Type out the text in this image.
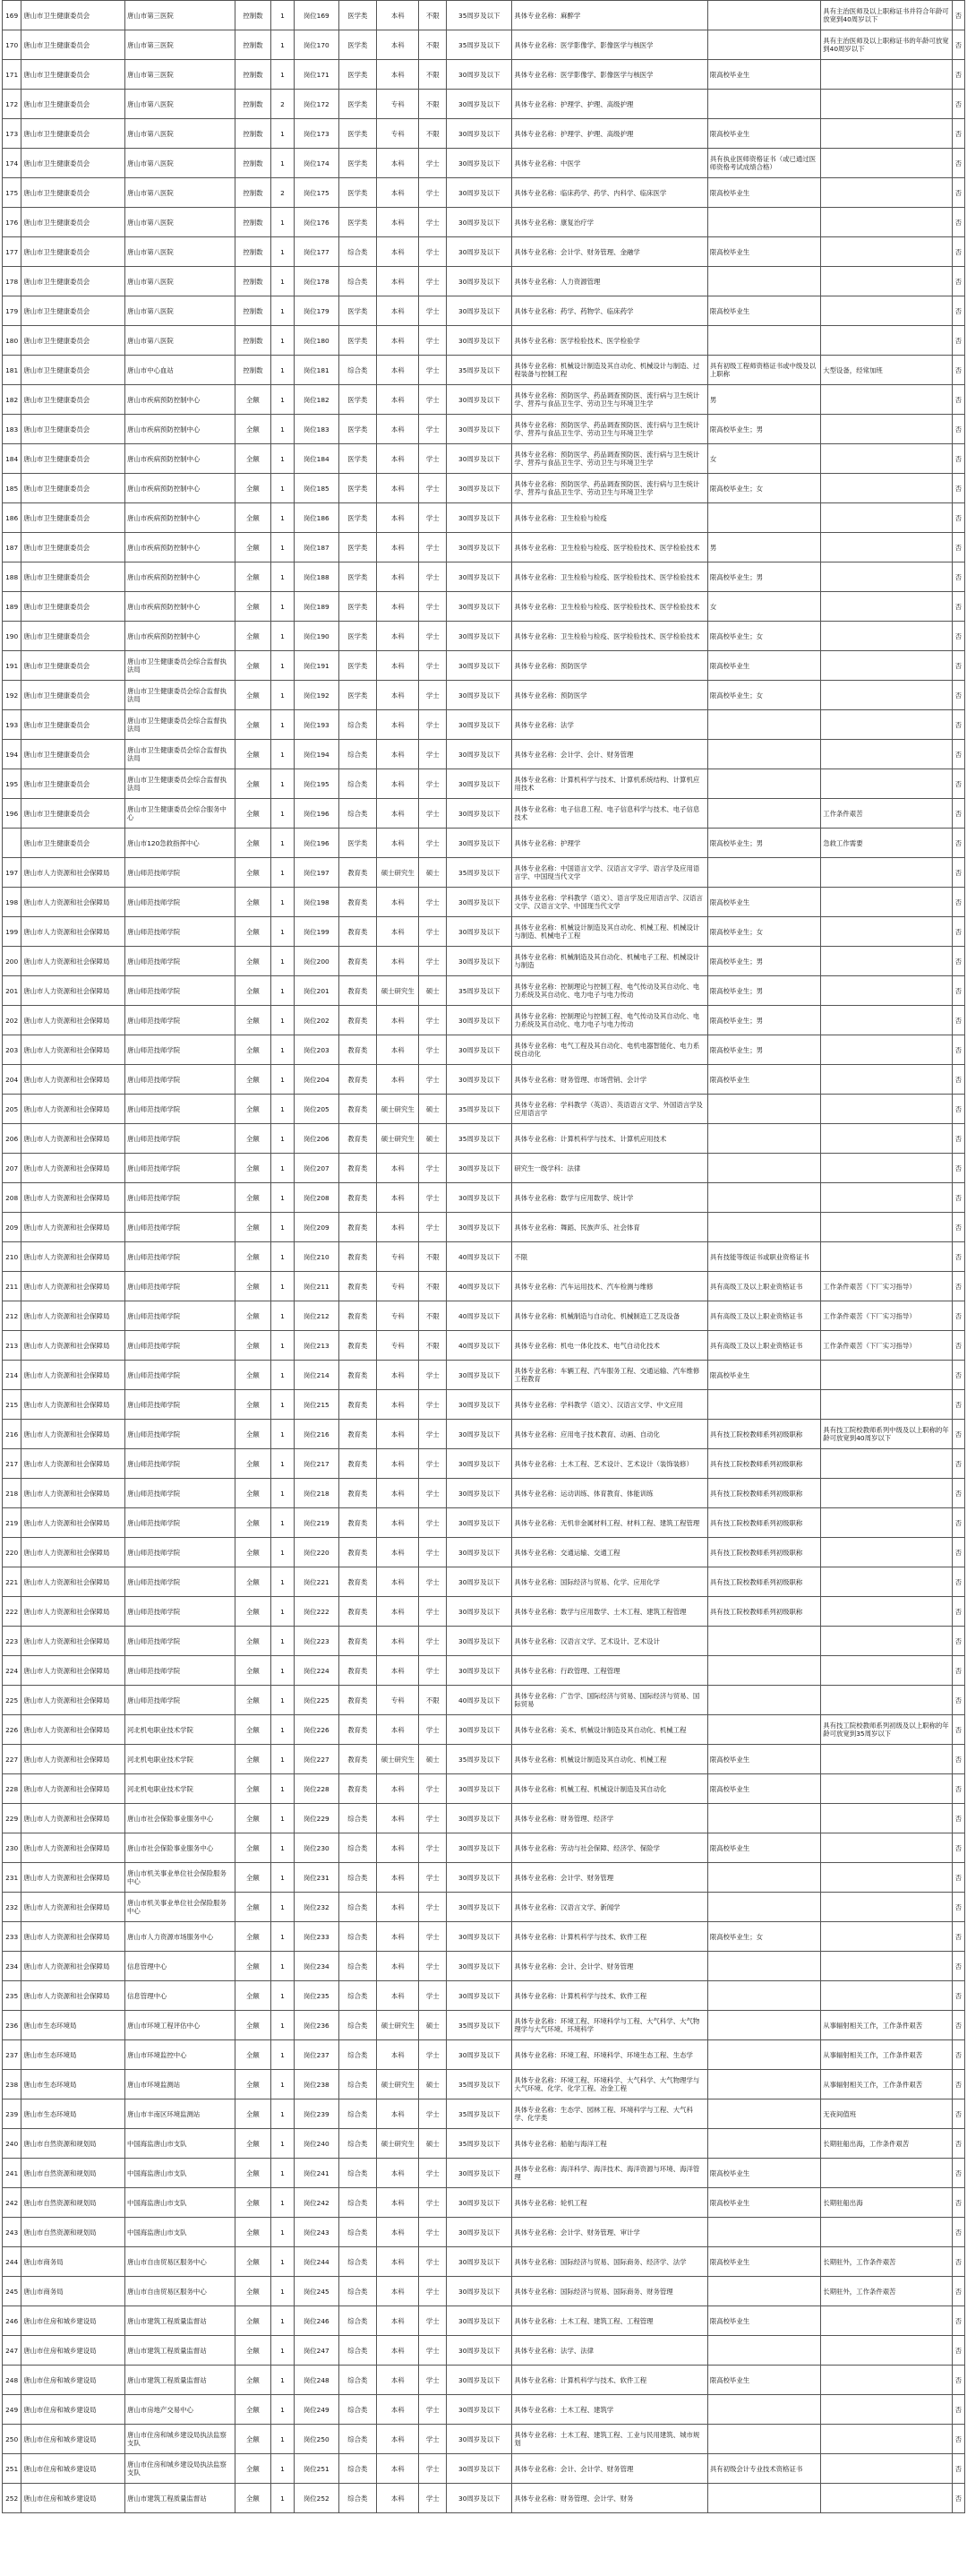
169	唐山市卫生健康委员会	唐山市第三医院	控制数	1	岗位169	医学类	本科	不限	35周岁及以下	具体专业名称：麻醉学		具有主治医师及以上职称证书并符合年龄可放宽到40周岁以下	否
170	唐山市卫生健康委员会	唐山市第三医院	控制数	1	岗位170	医学类	本科	不限	35周岁及以下	具体专业名称：医学影像学、影像医学与核医学		具有主治医师及以上职称证书的年龄可放宽到40周岁以下	否
171	唐山市卫生健康委员会	唐山市第三医院	控制数	1	岗位171	医学类	本科	不限	30周岁及以下	具体专业名称：医学影像学、影像医学与核医学	限高校毕业生		否
172	唐山市卫生健康委员会	唐山市第八医院	控制数	2	岗位172	医学类	专科	不限	30周岁及以下	具体专业名称：护理学、护理、高级护理			否
173	唐山市卫生健康委员会	唐山市第八医院	控制数	1	岗位173	医学类	专科	不限	30周岁及以下	具体专业名称：护理学、护理、高级护理	限高校毕业生		否
174	唐山市卫生健康委员会	唐山市第八医院	控制数	1	岗位174	医学类	本科	学士	30周岁及以下	具体专业名称：中医学	具有执业医师资格证书（或已通过医师资格考试成绩合格）		否
175	唐山市卫生健康委员会	唐山市第八医院	控制数	2	岗位175	医学类	本科	学士	30周岁及以下	具体专业名称：临床药学、药学、内科学、临床医学	限高校毕业生		否
176	唐山市卫生健康委员会	唐山市第八医院	控制数	1	岗位176	医学类	本科	学士	30周岁及以下	具体专业名称：康复治疗学			否
177	唐山市卫生健康委员会	唐山市第八医院	控制数	1	岗位177	综合类	本科	学士	30周岁及以下	具体专业名称：会计学、财务管理、金融学	限高校毕业生		否
178	唐山市卫生健康委员会	唐山市第八医院	控制数	1	岗位178	综合类	本科	学士	30周岁及以下	具体专业名称：人力资源管理			否
179	唐山市卫生健康委员会	唐山市第八医院	控制数	1	岗位179	医学类	本科	学士	30周岁及以下	具体专业名称：药学、药物学、临床药学	限高校毕业生		否
180	唐山市卫生健康委员会	唐山市第八医院	控制数	1	岗位180	医学类	本科	学士	30周岁及以下	具体专业名称：医学检验技术、医学检验学			否
181	唐山市卫生健康委员会	唐山市中心血站	控制数	1	岗位181	综合类	本科	学士	35周岁及以下	具体专业名称：机械设计制造及其自动化、机械设计与制造、过程装备与控制工程	具有初级工程师资格证书或中级及以上职称	大型设备，经常加班	否
182	唐山市卫生健康委员会	唐山市疾病预防控制中心	全额	1	岗位182	医学类	本科	学士	30周岁及以下	具体专业名称：预防医学、药品调查预防医、流行病与卫生统计学、营养与食品卫生学、劳动卫生与环境卫生学	男		否
183	唐山市卫生健康委员会	唐山市疾病预防控制中心	全额	1	岗位183	医学类	本科	学士	30周岁及以下	具体专业名称：预防医学、药品调查预防医、流行病与卫生统计学、营养与食品卫生学、劳动卫生与环境卫生学	限高校毕业生；男		否
184	唐山市卫生健康委员会	唐山市疾病预防控制中心	全额	1	岗位184	医学类	本科	学士	30周岁及以下	具体专业名称：预防医学、药品调查预防医、流行病与卫生统计学、营养与食品卫生学、劳动卫生与环境卫生学	女		否
185	唐山市卫生健康委员会	唐山市疾病预防控制中心	全额	1	岗位185	医学类	本科	学士	30周岁及以下	具体专业名称：预防医学、药品调查预防医、流行病与卫生统计学、营养与食品卫生学、劳动卫生与环境卫生学	限高校毕业生；女		否
186	唐山市卫生健康委员会	唐山市疾病预防控制中心	全额	1	岗位186	医学类	本科	学士	30周岁及以下	具体专业名称：卫生检验与检疫			否
187	唐山市卫生健康委员会	唐山市疾病预防控制中心	全额	1	岗位187	医学类	本科	学士	30周岁及以下	具体专业名称：卫生检验与检疫、医学检验技术、医学检验技术	男		否
188	唐山市卫生健康委员会	唐山市疾病预防控制中心	全额	1	岗位188	医学类	本科	学士	30周岁及以下	具体专业名称：卫生检验与检疫、医学检验技术、医学检验技术	限高校毕业生；男		否
189	唐山市卫生健康委员会	唐山市疾病预防控制中心	全额	1	岗位189	医学类	本科	学士	30周岁及以下	具体专业名称：卫生检验与检疫、医学检验技术、医学检验技术	女		否
190	唐山市卫生健康委员会	唐山市疾病预防控制中心	全额	1	岗位190	医学类	本科	学士	30周岁及以下	具体专业名称：卫生检验与检疫、医学检验技术、医学检验技术	限高校毕业生；女		否
191	唐山市卫生健康委员会	唐山市卫生健康委员会综合监督执法局	全额	1	岗位191	医学类	本科	学士	30周岁及以下	具体专业名称：预防医学	限高校毕业生		否
192	唐山市卫生健康委员会	唐山市卫生健康委员会综合监督执法局	全额	1	岗位192	医学类	本科	学士	30周岁及以下	具体专业名称：预防医学	限高校毕业生；女		否
193	唐山市卫生健康委员会	唐山市卫生健康委员会综合监督执法局	全额	1	岗位193	综合类	本科	学士	30周岁及以下	具体专业名称：法学			否
194	唐山市卫生健康委员会	唐山市卫生健康委员会综合监督执法局	全额	1	岗位194	综合类	本科	学士	30周岁及以下	具体专业名称：会计学、会计、财务管理			否
195	唐山市卫生健康委员会	唐山市卫生健康委员会综合监督执法局	全额	1	岗位195	综合类	本科	学士	30周岁及以下	具体专业名称：计算机科学与技术、计算机系统结构、计算机应用技术			否
196	唐山市卫生健康委员会	唐山市卫生健康委员会综合服务中心	全额	1	岗位196	综合类	本科	学士	30周岁及以下	具体专业名称：电子信息工程、电子信息科学与技术、电子信息技术		工作条件艰苦	否
	唐山市卫生健康委员会	唐山市120急救指挥中心	全额	1	岗位196	医学类	本科	学士	30周岁及以下	具体专业名称：护理学	限高校毕业生；男	急救工作需要	否
197	唐山市人力资源和社会保障局	唐山师范技师学院	全额	1	岗位197	教育类	硕士研究生	硕士	35周岁及以下	具体专业名称：中国语言文学、汉语言文字学、语言学及应用语言学、中国现当代文学			否
198	唐山市人力资源和社会保障局	唐山师范技师学院	全额	1	岗位198	教育类	本科	学士	30周岁及以下	具体专业名称：学科教学（语文）、语言学及应用语言学、汉语言文学、汉语言文学、中国现当代文学	限高校毕业生		否
199	唐山市人力资源和社会保障局	唐山师范技师学院	全额	1	岗位199	教育类	本科	学士	30周岁及以下	具体专业名称：机械设计制造及其自动化、机械工程、机械设计与制造、机械电子工程	限高校毕业生；女		否
200	唐山市人力资源和社会保障局	唐山师范技师学院	全额	1	岗位200	教育类	本科	学士	30周岁及以下	具体专业名称：机械制造及其自动化、机械电子工程、机械设计与制造	限高校毕业生；男		否
201	唐山市人力资源和社会保障局	唐山师范技师学院	全额	1	岗位201	教育类	硕士研究生	硕士	35周岁及以下	具体专业名称：控制理论与控制工程、电气传动及其自动化、电力系统及其自动化、电力电子与电力传动	限高校毕业生；男		否
202	唐山市人力资源和社会保障局	唐山师范技师学院	全额	1	岗位202	教育类	本科	学士	30周岁及以下	具体专业名称：控制理论与控制工程、电气传动及其自动化、电力系统及其自动化、电力电子与电力传动	限高校毕业生；男		否
203	唐山市人力资源和社会保障局	唐山师范技师学院	全额	1	岗位203	教育类	本科	学士	30周岁及以下	具体专业名称：电气工程及其自动化、电机电器智能化、电力系统自动化	限高校毕业生；男		否
204	唐山市人力资源和社会保障局	唐山师范技师学院	全额	1	岗位204	教育类	本科	学士	30周岁及以下	具体专业名称：财务管理、市场营销、会计学	限高校毕业生		否
205	唐山市人力资源和社会保障局	唐山师范技师学院	全额	1	岗位205	教育类	硕士研究生	硕士	35周岁及以下	具体专业名称：学科教学（英语）、英语语言文学、外国语言学及应用语言学			否
206	唐山市人力资源和社会保障局	唐山师范技师学院	全额	1	岗位206	教育类	硕士研究生	硕士	35周岁及以下	具体专业名称：计算机科学与技术、计算机应用技术			否
207	唐山市人力资源和社会保障局	唐山师范技师学院	全额	1	岗位207	教育类	本科	学士	30周岁及以下	研究生一级学科：法律			否
208	唐山市人力资源和社会保障局	唐山师范技师学院	全额	1	岗位208	教育类	本科	学士	30周岁及以下	具体专业名称：数学与应用数学、统计学			否
209	唐山市人力资源和社会保障局	唐山师范技师学院	全额	1	岗位209	教育类	本科	学士	30周岁及以下	具体专业名称：舞蹈、民族声乐、社会体育			否
210	唐山市人力资源和社会保障局	唐山师范技师学院	全额	1	岗位210	教育类	专科	不限	40周岁及以下	不限	具有技能等级证书或职业资格证书		否
211	唐山市人力资源和社会保障局	唐山师范技师学院	全额	1	岗位211	教育类	专科	不限	40周岁及以下	具体专业名称：汽车运用技术、汽车检测与维修	具有高级工及以上职业资格证书	工作条件艰苦（下厂实习指导）	否
212	唐山市人力资源和社会保障局	唐山师范技师学院	全额	1	岗位212	教育类	专科	不限	40周岁及以下	具体专业名称：机械制造与自动化、机械制造工艺及设备	具有高级工及以上职业资格证书	工作条件艰苦（下厂实习指导）	否
213	唐山市人力资源和社会保障局	唐山师范技师学院	全额	1	岗位213	教育类	专科	不限	40周岁及以下	具体专业名称：机电一体化技术、电气自动化技术	具有高级工及以上职业资格证书	工作条件艰苦（下厂实习指导）	否
214	唐山市人力资源和社会保障局	唐山师范技师学院	全额	1	岗位214	教育类	本科	学士	30周岁及以下	具体专业名称：车辆工程、汽车服务工程、交通运输、汽车维修工程教育	限高校毕业生		否
215	唐山市人力资源和社会保障局	唐山师范技师学院	全额	1	岗位215	教育类	本科	学士	30周岁及以下	具体专业名称：学科教学（语文）、汉语言文学、中文应用			否
216	唐山市人力资源和社会保障局	唐山师范技师学院	全额	1	岗位216	教育类	本科	学士	30周岁及以下	具体专业名称：应用电子技术教育、动画、自动化	具有技工院校教师系列初级职称	具有技工院校教师系列中级及以上职称的年龄可放宽到40周岁以下	否
217	唐山市人力资源和社会保障局	唐山师范技师学院	全额	1	岗位217	教育类	本科	学士	30周岁及以下	具体专业名称：土木工程、艺术设计、艺术设计（装饰装修）	具有技工院校教师系列初级职称		否
218	唐山市人力资源和社会保障局	唐山师范技师学院	全额	1	岗位218	教育类	本科	学士	30周岁及以下	具体专业名称：运动训练、体育教育、体能训练	具有技工院校教师系列初级职称		否
219	唐山市人力资源和社会保障局	唐山师范技师学院	全额	1	岗位219	教育类	本科	学士	30周岁及以下	具体专业名称：无机非金属材料工程、材料工程、建筑工程管理	具有技工院校教师系列初级职称		否
220	唐山市人力资源和社会保障局	唐山师范技师学院	全额	1	岗位220	教育类	本科	学士	30周岁及以下	具体专业名称：交通运输、交通工程	具有技工院校教师系列初级职称		否
221	唐山市人力资源和社会保障局	唐山师范技师学院	全额	1	岗位221	教育类	本科	学士	30周岁及以下	具体专业名称：国际经济与贸易、化学、应用化学	具有技工院校教师系列初级职称		否
222	唐山市人力资源和社会保障局	唐山师范技师学院	全额	1	岗位222	教育类	本科	学士	30周岁及以下	具体专业名称：数学与应用数学、土木工程、建筑工程管理	具有技工院校教师系列初级职称		否
223	唐山市人力资源和社会保障局	唐山师范技师学院	全额	1	岗位223	教育类	本科	学士	30周岁及以下	具体专业名称：汉语言文学、艺术设计、艺术设计			否
224	唐山市人力资源和社会保障局	唐山师范技师学院	全额	1	岗位224	教育类	本科	学士	30周岁及以下	具体专业名称：行政管理、工程管理			否
225	唐山市人力资源和社会保障局	唐山师范技师学院	全额	1	岗位225	教育类	专科	不限	40周岁及以下	具体专业名称：广告学、国际经济与贸易、国际经济与贸易、国际贸易			否
226	唐山市人力资源和社会保障局	河北机电职业技术学院	全额	1	岗位226	教育类	本科	学士	30周岁及以下	具体专业名称：美术、机械设计制造及其自动化、机械工程		具有技工院校教师系列初级及以上职称的年龄可放宽到35周岁以下	否
227	唐山市人力资源和社会保障局	河北机电职业技术学院	全额	1	岗位227	教育类	硕士研究生	硕士	35周岁及以下	具体专业名称：机械设计制造及其自动化、机械工程	限高校毕业生		否
228	唐山市人力资源和社会保障局	河北机电职业技术学院	全额	1	岗位228	教育类	本科	学士	30周岁及以下	具体专业名称：机械工程、机械设计制造及其自动化	限高校毕业生		否
229	唐山市人力资源和社会保障局	唐山市社会保险事业服务中心	全额	1	岗位229	综合类	本科	学士	30周岁及以下	具体专业名称：财务管理、经济学			否
230	唐山市人力资源和社会保障局	唐山市社会保险事业服务中心	全额	1	岗位230	综合类	本科	学士	30周岁及以下	具体专业名称：劳动与社会保障、经济学、保险学	限高校毕业生		否
231	唐山市人力资源和社会保障局	唐山市机关事业单位社会保险服务中心	全额	1	岗位231	综合类	本科	学士	30周岁及以下	具体专业名称：会计学、财务管理			否
232	唐山市人力资源和社会保障局	唐山市机关事业单位社会保险服务中心	全额	1	岗位232	综合类	本科	学士	30周岁及以下	具体专业名称：汉语言文学、新闻学			否
233	唐山市人力资源和社会保障局	唐山市人力资源市场服务中心	全额	1	岗位233	综合类	本科	学士	30周岁及以下	具体专业名称：计算机科学与技术、软件工程	限高校毕业生；女		否
234	唐山市人力资源和社会保障局	信息管理中心	全额	1	岗位234	综合类	本科	学士	30周岁及以下	具体专业名称：会计、会计学、财务管理			否
235	唐山市人力资源和社会保障局	信息管理中心	全额	1	岗位235	综合类	本科	学士	30周岁及以下	具体专业名称：计算机科学与技术、软件工程			否
236	唐山市生态环境局	唐山市环境工程评估中心	全额	1	岗位236	综合类	硕士研究生	硕士	35周岁及以下	具体专业名称：环境工程、环境科学与工程、大气科学、大气物理学与大气环境、环境科学		从事辐射相关工作，工作条件艰苦	否
237	唐山市生态环境局	唐山市环境监控中心	全额	1	岗位237	综合类	本科	学士	30周岁及以下	具体专业名称：环境工程、环境科学、环境生态工程、生态学		从事辐射相关工作，工作条件艰苦	否
238	唐山市生态环境局	唐山市环境监测站	全额	1	岗位238	综合类	硕士研究生	硕士	35周岁及以下	具体专业名称：环境工程、环境科学、大气科学、大气物理学与大气环境、化学、化学工程、冶金工程		从事辐射相关工作，工作条件艰苦	否
239	唐山市生态环境局	唐山市丰南区环境监测站	全额	1	岗位239	综合类	本科	学士	35周岁及以下	具体专业名称：生态学、园林工程、环境科学与工程、大气科学、化学类		无夜间值班	否
240	唐山市自然资源和规划局	中国海监唐山市支队	全额	1	岗位240	综合类	硕士研究生	硕士	35周岁及以下	具体专业名称：船舶与海洋工程		长期驻船出海，工作条件艰苦	否
241	唐山市自然资源和规划局	中国海监唐山市支队	全额	1	岗位241	综合类	本科	学士	30周岁及以下	具体专业名称：海洋科学、海洋技术、海洋资源与环境、海洋管理	限高校毕业生		否
242	唐山市自然资源和规划局	中国海监唐山市支队	全额	1	岗位242	综合类	本科	学士	30周岁及以下	具体专业名称：轮机工程	限高校毕业生	长期驻船出海	否
243	唐山市自然资源和规划局	中国海监唐山市支队	全额	1	岗位243	综合类	本科	学士	30周岁及以下	具体专业名称：会计学、财务管理、审计学			否
244	唐山市商务局	唐山市自由贸易区服务中心	全额	1	岗位244	综合类	本科	学士	30周岁及以下	具体专业名称：国际经济与贸易、国际商务、经济学、法学	限高校毕业生	长期驻外，工作条件艰苦	否
245	唐山市商务局	唐山市自由贸易区服务中心	全额	1	岗位245	综合类	本科	学士	30周岁及以下	具体专业名称：国际经济与贸易、国际商务、财务管理		长期驻外，工作条件艰苦	否
246	唐山市住房和城乡建设局	唐山市建筑工程质量监督站	全额	1	岗位246	综合类	本科	学士	30周岁及以下	具体专业名称：土木工程、建筑工程、工程管理	限高校毕业生		否
247	唐山市住房和城乡建设局	唐山市建筑工程质量监督站	全额	1	岗位247	综合类	本科	学士	30周岁及以下	具体专业名称：法学、法律			否
248	唐山市住房和城乡建设局	唐山市建筑工程质量监督站	全额	1	岗位248	综合类	本科	学士	30周岁及以下	具体专业名称：计算机科学与技术、软件工程	限高校毕业生		否
249	唐山市住房和城乡建设局	唐山市房地产交易中心	全额	1	岗位249	综合类	本科	学士	30周岁及以下	具体专业名称：土木工程、建筑学			否
250	唐山市住房和城乡建设局	唐山市住房和城乡建设局执法监察支队	全额	1	岗位250	综合类	本科	学士	30周岁及以下	具体专业名称：土木工程、建筑工程、工业与民用建筑、城市规划			否
251	唐山市住房和城乡建设局	唐山市住房和城乡建设局执法监察支队	全额	1	岗位251	综合类	本科	学士	30周岁及以下	具体专业名称：会计、会计学、财务管理	具有初级会计专业技术资格证书		否
252	唐山市住房和城乡建设局	唐山市建筑工程质量监督站	全额	1	岗位252	综合类	本科	学士	30周岁及以下	具体专业名称：财务管理、会计学、财务			否
